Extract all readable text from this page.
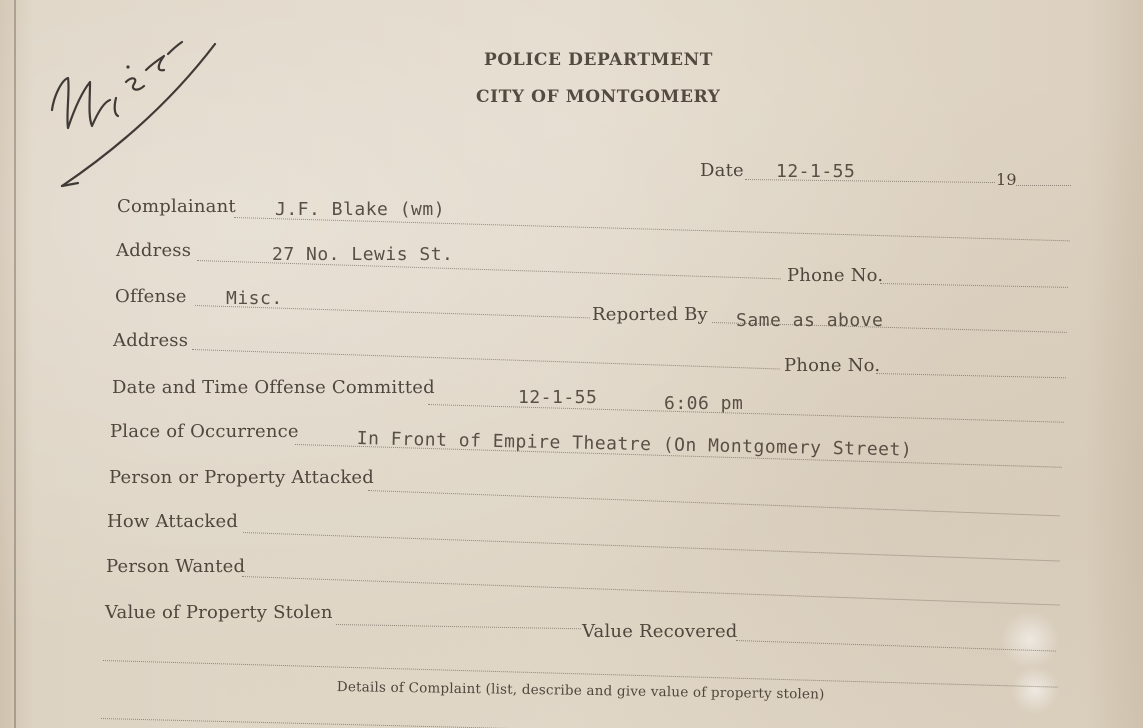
POLICE DEPARTMENT
CITY OF MONTGOMERY
Date 12-1-55	19
Complainant J.F. Blake (wm)
Address	27 No. Lewis St.
Phone No.
Offense Misc.
Reported By Same as above
Address
Phone No.
Date and Time Offense Committed	12-1-55	6:06 pm
Place of Occurrence	In Front of Empire Theatre (On Montgomery Street)
Person or Property Attacked
How Attacked
Person Wanted
Value of Property Stolen
Value Recovered
Details of Complaint (list, describe and give value of property stolen)
